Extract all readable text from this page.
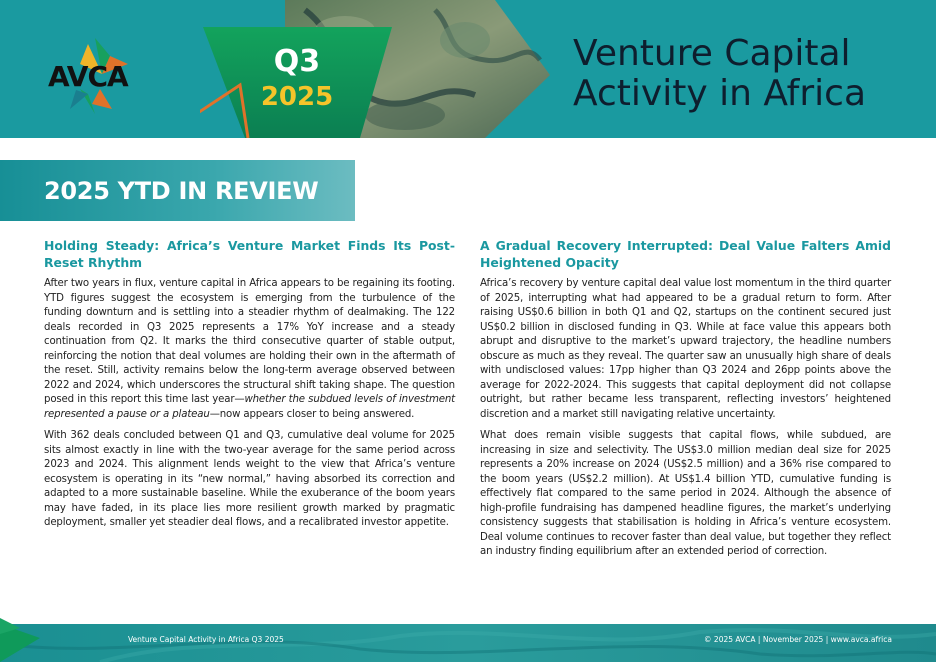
AVCA	Q3
2025
Venture Capital
Activity in Africa
2025 YTD IN REVIEW
Holding Steady: Africa’s Venture Market Finds Its Post-Reset Rhythm

After two years in flux, venture capital in Africa appears to be regaining its footing. YTD figures suggest the ecosystem is emerging from the turbulence of the funding downturn and is settling into a steadier rhythm of dealmaking. The 122 deals recorded in Q3 2025 represents a 17% YoY increase and a steady continuation from Q2. It marks the third consecutive quarter of stable output, reinforcing the notion that deal volumes are holding their own in the aftermath of the reset. Still, activity remains below the long-term average observed between 2022 and 2024, which underscores the structural shift taking shape. The question posed in this report this time last year—whether the subdued levels of investment represented a pause or a plateau—now appears closer to being answered.

With 362 deals concluded between Q1 and Q3, cumulative deal volume for 2025 sits almost exactly in line with the two-year average for the same period across 2023 and 2024. This alignment lends weight to the view that Africa’s venture ecosystem is operating in its “new normal,” having absorbed its correction and adapted to a more sustainable baseline. While the exuberance of the boom years may have faded, in its place lies more resilient growth marked by pragmatic deployment, smaller yet steadier deal flows, and a recalibrated investor appetite.

A Gradual Recovery Interrupted: Deal Value Falters Amid Heightened Opacity

Africa’s recovery by venture capital deal value lost momentum in the third quarter of 2025, interrupting what had appeared to be a gradual return to form. After raising US$0.6 billion in both Q1 and Q2, startups on the continent secured just US$0.2 billion in disclosed funding in Q3. While at face value this appears both abrupt and disruptive to the market’s upward trajectory, the headline numbers obscure as much as they reveal. The quarter saw an unusually high share of deals with undisclosed values: 17pp higher than Q3 2024 and 26pp points above the average for 2022-2024. This suggests that capital deployment did not collapse outright, but rather became less transparent, reflecting investors’ heightened discretion and a market still navigating relative uncertainty.

What does remain visible suggests that capital flows, while subdued, are increasing in size and selectivity. The US$3.0 million median deal size for 2025 represents a 20% increase on 2024 (US$2.5 million) and a 36% rise compared to the boom years (US$2.2 million). At US$1.4 billion YTD, cumulative funding is effectively flat compared to the same period in 2024. Although the absence of high-profile fundraising has dampened headline figures, the market’s underlying consistency suggests that stabilisation is holding in Africa’s venture ecosystem. Deal volume continues to recover faster than deal value, but together they reflect an industry finding equilibrium after an extended period of correction.

Venture Capital Activity in Africa Q3 2025	© 2025 AVCA | November 2025 | www.avca.africa
